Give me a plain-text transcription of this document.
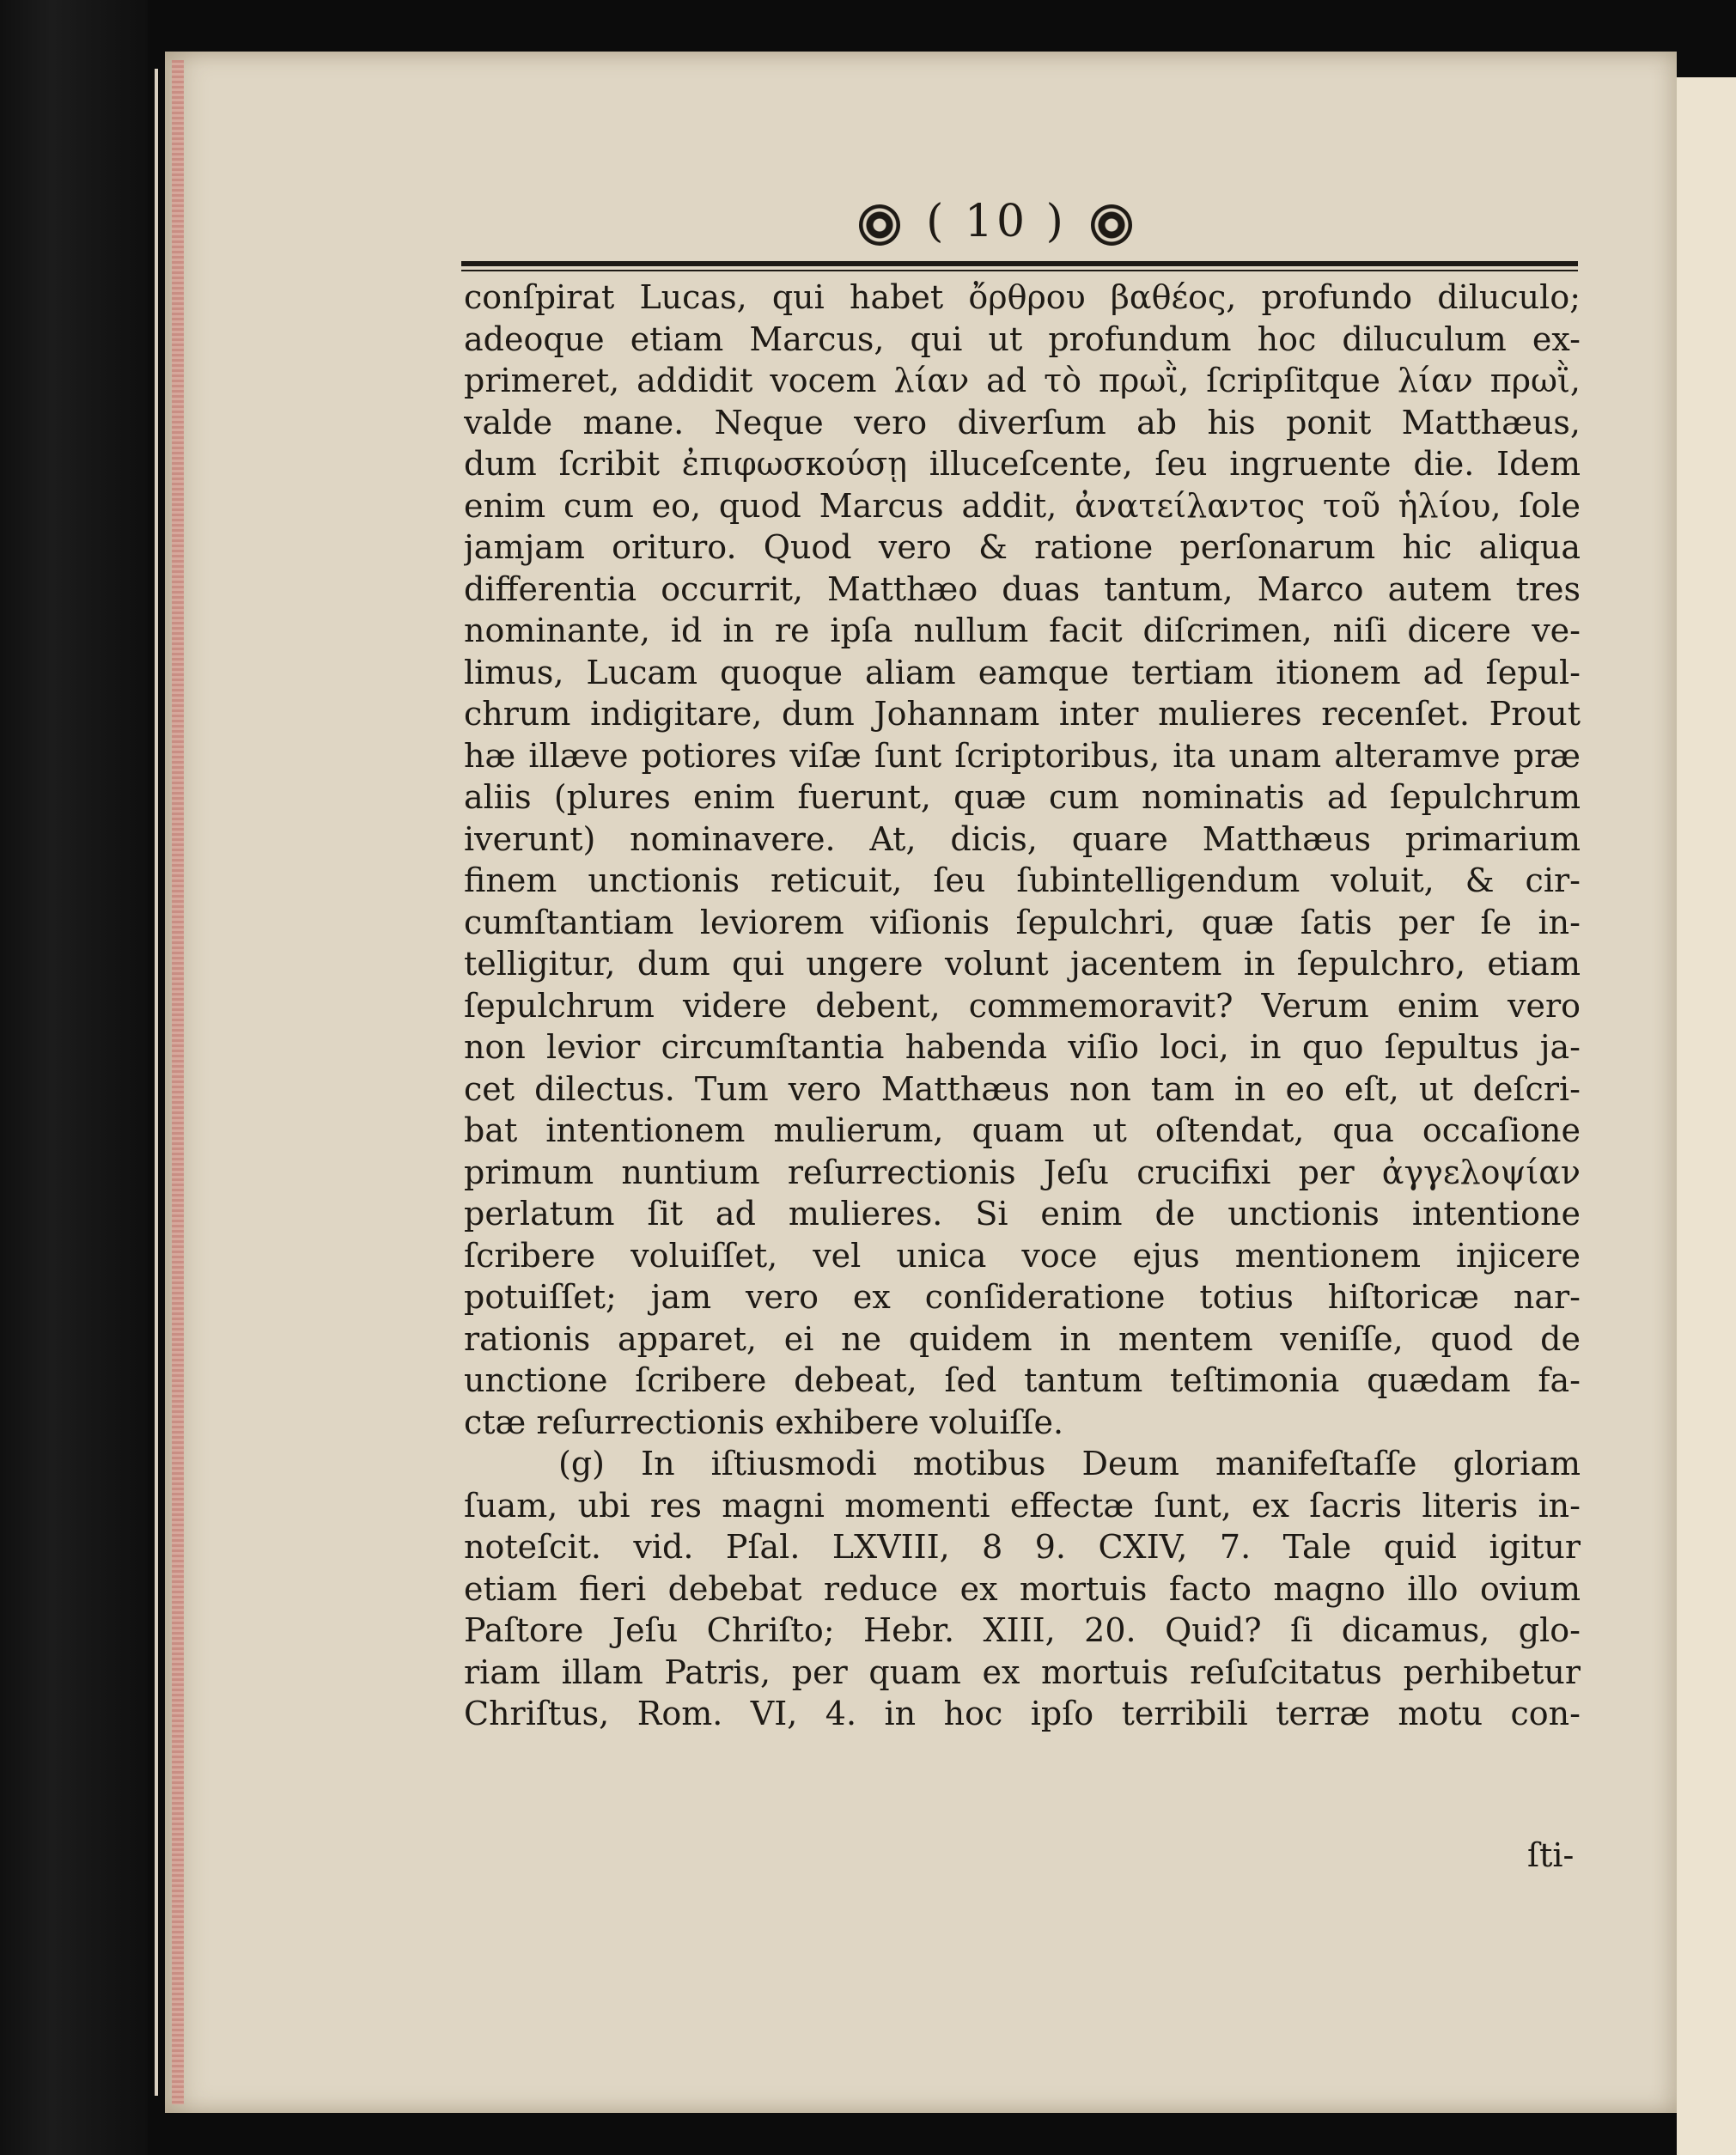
( 10 )
conſpirat Lucas, qui habet ὄρθρου βαθέος, profundo diluculo;
adeoque etiam Marcus, qui ut profundum hoc diluculum ex-
primeret, addidit vocem λίαν ad τὸ πρωῒ, ſcripſitque λίαν πρωῒ,
valde mane. Neque vero diverſum ab his ponit Matthæus,
dum ſcribit ἐπιφωσκούσῃ illuceſcente, ſeu ingruente die. Idem
enim cum eo, quod Marcus addit, ἀνατείλαντος τοῦ ἡλίου, ſole
jamjam orituro. Quod vero & ratione perſonarum hic aliqua
differentia occurrit, Matthæo duas tantum, Marco autem tres
nominante, id in re ipſa nullum facit diſcrimen, niſi dicere ve-
limus, Lucam quoque aliam eamque tertiam itionem ad ſepul-
chrum indigitare, dum Johannam inter mulieres recenſet. Prout
hæ illæve potiores viſæ ſunt ſcriptoribus, ita unam alteramve præ
aliis (plures enim fuerunt, quæ cum nominatis ad ſepulchrum
iverunt) nominavere. At, dicis, quare Matthæus primarium
finem unctionis reticuit, ſeu ſubintelligendum voluit, & cir-
cumſtantiam leviorem viſionis ſepulchri, quæ ſatis per ſe in-
telligitur, dum qui ungere volunt jacentem in ſepulchro, etiam
ſepulchrum videre debent, commemoravit? Verum enim vero
non levior circumſtantia habenda viſio loci, in quo ſepultus ja-
cet dilectus. Tum vero Matthæus non tam in eo eſt, ut deſcri-
bat intentionem mulierum, quam ut oſtendat, qua occaſione
primum nuntium reſurrectionis Jeſu crucifixi per ἀγγελοψίαν
perlatum ſit ad mulieres. Si enim de unctionis intentione
ſcribere voluiſſet, vel unica voce ejus mentionem injicere
potuiſſet; jam vero ex conſideratione totius hiſtoricæ nar-
rationis apparet, ei ne quidem in mentem veniſſe, quod de
unctione ſcribere debeat, ſed tantum teſtimonia quædam fa-
ctæ reſurrectionis exhibere voluiſſe.
(g) In iſtiusmodi motibus Deum manifeſtaſſe gloriam
ſuam, ubi res magni momenti effectæ ſunt, ex ſacris literis in-
noteſcit. vid. Pſal. LXVIII, 8 9. CXIV, 7. Tale quid igitur
etiam fieri debebat reduce ex mortuis facto magno illo ovium
Paſtore Jeſu Chriſto; Hebr. XIII, 20. Quid? ſi dicamus, glo-
riam illam Patris, per quam ex mortuis reſuſcitatus perhibetur
Chriſtus, Rom. VI, 4. in hoc ipſo terribili terræ motu con-
ſti-
